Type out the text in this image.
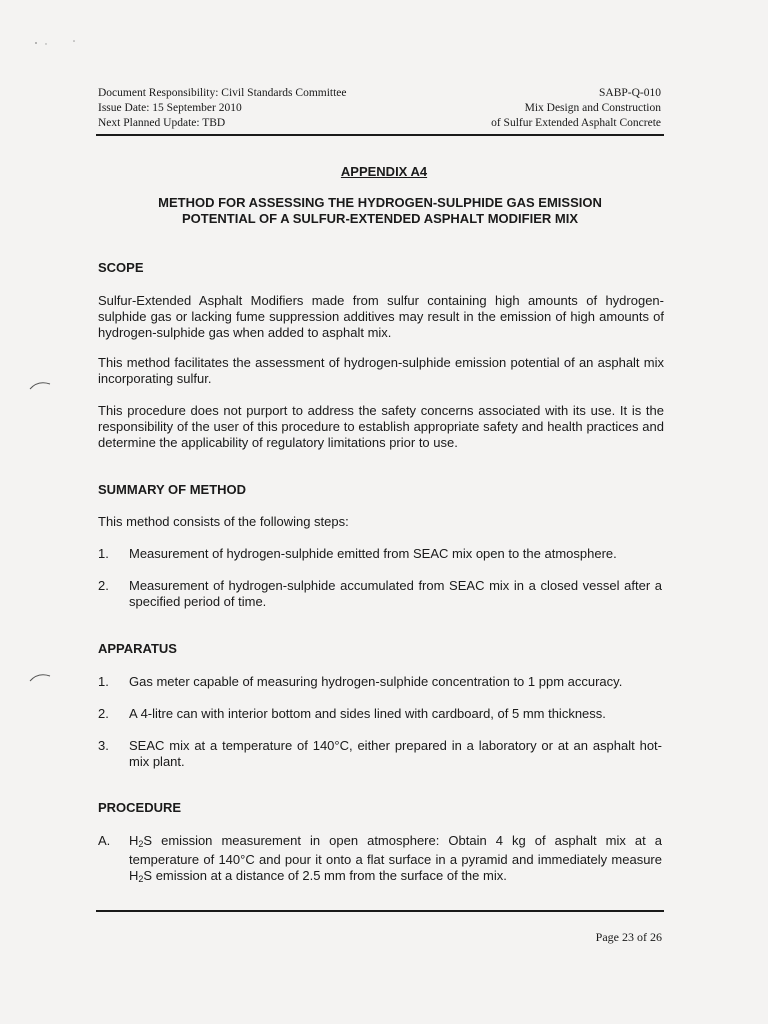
Document Responsibility: Civil Standards Committee
Issue Date: 15 September 2010
Next Planned Update: TBD
SABP-Q-010
Mix Design and Construction
of Sulfur Extended Asphalt Concrete
APPENDIX A4
METHOD FOR ASSESSING THE HYDROGEN-SULPHIDE GAS EMISSION
POTENTIAL OF A SULFUR-EXTENDED ASPHALT MODIFIER MIX
SCOPE
Sulfur-Extended Asphalt Modifiers made from sulfur containing high amounts of hydrogen-sulphide gas or lacking fume suppression additives may result in the emission of high amounts of hydrogen-sulphide gas when added to asphalt mix.
This method facilitates the assessment of hydrogen-sulphide emission potential of an asphalt mix incorporating sulfur.
This procedure does not purport to address the safety concerns associated with its use. It is the responsibility of the user of this procedure to establish appropriate safety and health practices and determine the applicability of regulatory limitations prior to use.
SUMMARY OF METHOD
This method consists of the following steps:
1.	Measurement of hydrogen-sulphide emitted from SEAC mix open to the atmosphere.
2.	Measurement of hydrogen-sulphide accumulated from SEAC mix in a closed vessel after a specified period of time.
APPARATUS
1.	Gas meter capable of measuring hydrogen-sulphide concentration to 1 ppm accuracy.
2.	A 4-litre can with interior bottom and sides lined with cardboard, of 5 mm thickness.
3.	SEAC mix at a temperature of 140°C, either prepared in a laboratory or at an asphalt hot-mix plant.
PROCEDURE
A.	$H_2S$ emission measurement in open atmosphere: Obtain 4 kg of asphalt mix at a temperature of 140°C and pour it onto a flat surface in a pyramid and immediately measure $H_2S$ emission at a distance of 2.5 mm from the surface of the mix.
Page 23 of 26
